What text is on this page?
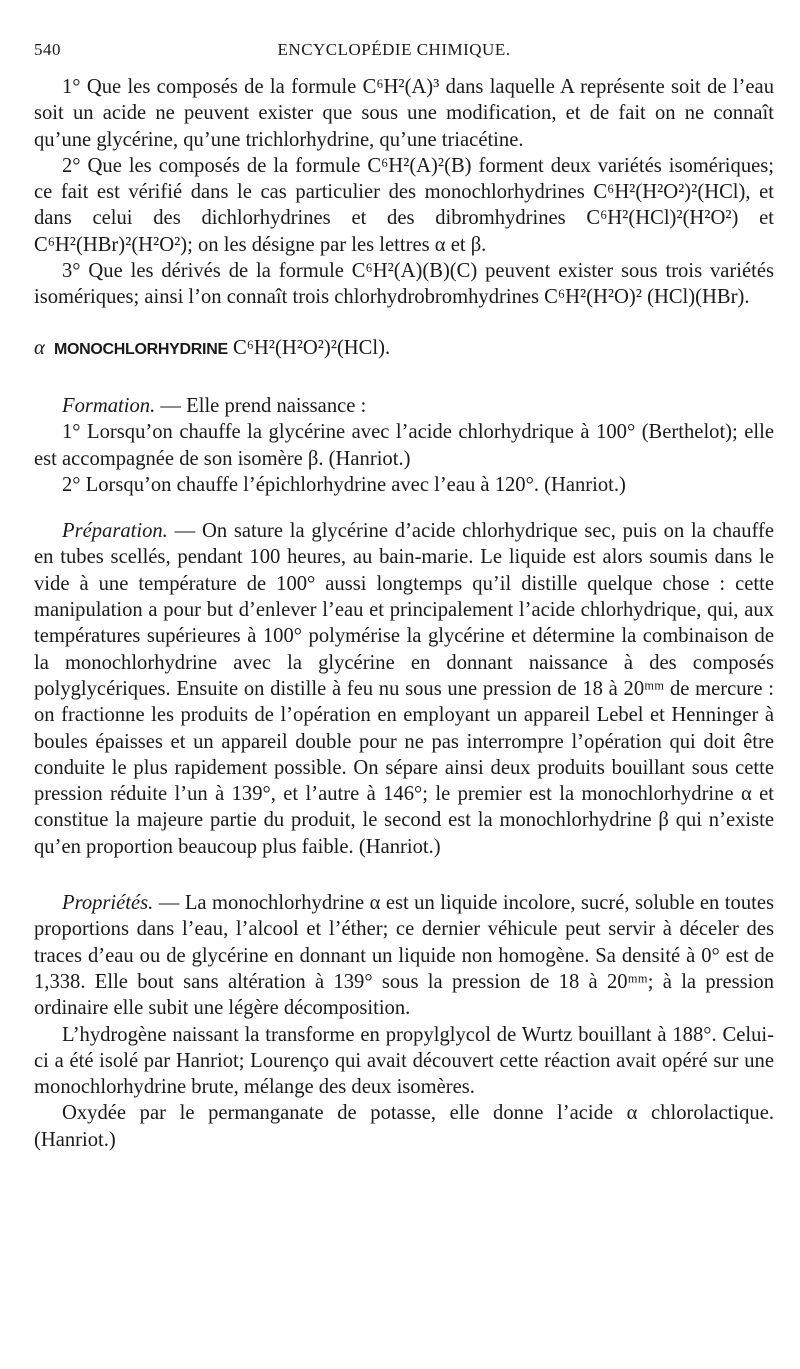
540	ENCYCLOPÉDIE CHIMIQUE.

1° Que les composés de la formule C⁶H²(A)³ dans laquelle A représente soit de l’eau soit un acide ne peuvent exister que sous une modification, et de fait on ne connaît qu’une glycérine, qu’une trichlorhydrine, qu’une triacétine.

2° Que les composés de la formule C⁶H²(A)²(B) forment deux variétés isomériques; ce fait est vérifié dans le cas particulier des monochlorhydrines C⁶H²(H²O²)²(HCl), et dans celui des dichlorhydrines et des dibromhydrines C⁶H²(HCl)²(H²O²) et C⁶H²(HBr)²(H²O²); on les désigne par les lettres α et β.

3° Que les dérivés de la formule C⁶H²(A)(B)(C) peuvent exister sous trois variétés isomériques; ainsi l’on connaît trois chlorhydrobromhydrines C⁶H²(H²O)² (HCl)(HBr).

α MONOCHLORHYDRINE C⁶H²(H²O²)²(HCl).

Formation. — Elle prend naissance :

1° Lorsqu’on chauffe la glycérine avec l’acide chlorhydrique à 100° (Berthelot); elle est accompagnée de son isomère β. (Hanriot.)

2° Lorsqu’on chauffe l’épichlorhydrine avec l’eau à 120°. (Hanriot.)

Préparation. — On sature la glycérine d’acide chlorhydrique sec, puis on la chauffe en tubes scellés, pendant 100 heures, au bain-marie. Le liquide est alors soumis dans le vide à une température de 100° aussi longtemps qu’il distille quelque chose : cette manipulation a pour but d’enlever l’eau et principalement l’acide chlorhydrique, qui, aux températures supérieures à 100° polymérise la glycérine et détermine la combinaison de la monochlorhydrine avec la glycérine en donnant naissance à des composés polyglycériques. Ensuite on distille à feu nu sous une pression de 18 à 20ᵐᵐ de mercure : on fractionne les produits de l’opération en employant un appareil Lebel et Henninger à boules épaisses et un appareil double pour ne pas interrompre l’opération qui doit être conduite le plus rapidement possible. On sépare ainsi deux produits bouillant sous cette pression réduite l’un à 139°, et l’autre à 146°; le premier est la monochlorhydrine α et constitue la majeure partie du produit, le second est la monochlorhydrine β qui n’existe qu’en proportion beaucoup plus faible. (Hanriot.)

Propriétés. — La monochlorhydrine α est un liquide incolore, sucré, soluble en toutes proportions dans l’eau, l’alcool et l’éther; ce dernier véhicule peut servir à déceler des traces d’eau ou de glycérine en donnant un liquide non homogène. Sa densité à 0° est de 1,338. Elle bout sans altération à 139° sous la pression de 18 à 20ᵐᵐ; à la pression ordinaire elle subit une légère décomposition.

L’hydrogène naissant la transforme en propylglycol de Wurtz bouillant à 188°. Celui-ci a été isolé par Hanriot; Lourenço qui avait découvert cette réaction avait opéré sur une monochlorhydrine brute, mélange des deux isomères.

Oxydée par le permanganate de potasse, elle donne l’acide α chlorolactique. (Hanriot.)
